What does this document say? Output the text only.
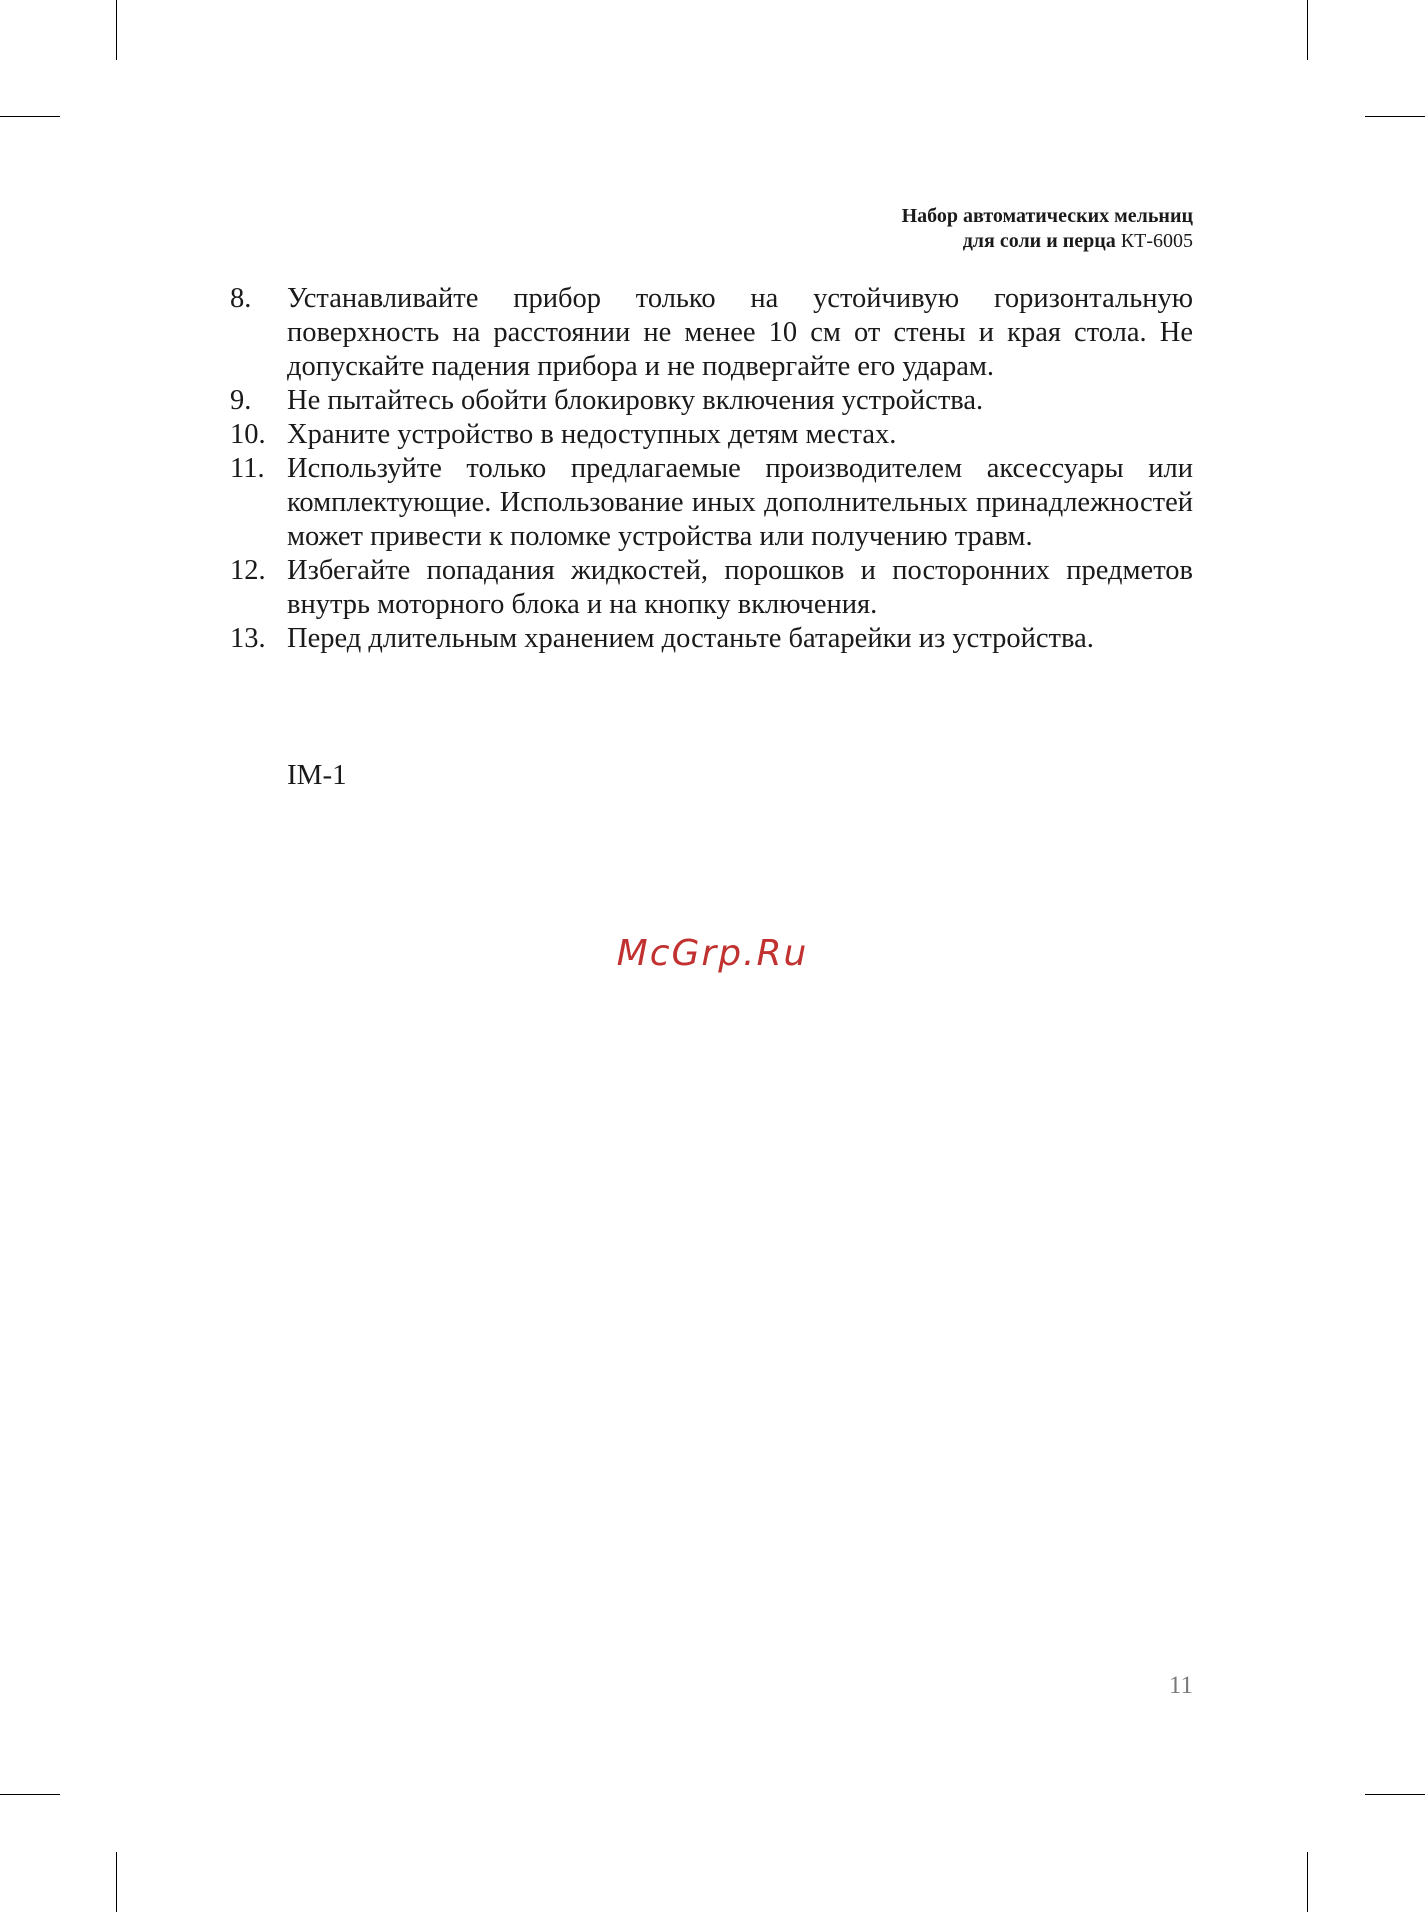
Набор автоматических мельниц
для соли и перца КТ-6005
8.	Устанавливайте прибор только на устойчивую горизонтальную поверхность на расстоянии не менее 10 см от стены и края стола. Не допускайте падения прибора и не подвергайте его ударам.
9.	Не пытайтесь обойти блокировку включения устройства.
10. Храните устройство в недоступных детям местах.
11. Используйте только предлагаемые производителем аксессуары или комплектующие. Использование иных дополнительных принадлежностей может привести к поломке устройства или получению травм.
12. Избегайте попадания жидкостей, порошков и посторонних предметов внутрь моторного блока и на кнопку включения.
13. Перед длительным хранением достаньте батарейки из устройства.
IM-1
McGrp.Ru
11
